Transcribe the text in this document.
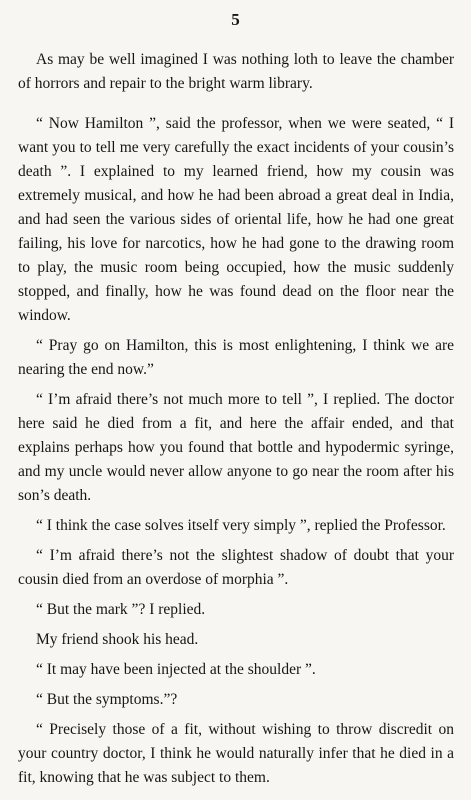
5

As may be well imagined I was nothing loth to leave the chamber of horrors and repair to the bright warm library.

“ Now Hamilton ”, said the professor, when we were seated, “ I want you to tell me very carefully the exact incidents of your cousin’s death ”. I explained to my learned friend, how my cousin was extremely musical, and how he had been abroad a great deal in India, and had seen the various sides of oriental life, how he had one great failing, his love for narcotics, how he had gone to the drawing room to play, the music room being occupied, how the music suddenly stopped, and finally, how he was found dead on the floor near the window.

“ Pray go on Hamilton, this is most enlightening, I think we are nearing the end now.”

“ I’m afraid there’s not much more to tell ”, I replied. The doctor here said he died from a fit, and here the affair ended, and that explains perhaps how you found that bottle and hypodermic syringe, and my uncle would never allow anyone to go near the room after his son’s death.

“ I think the case solves itself very simply ”, replied the Professor.

“ I’m afraid there’s not the slightest shadow of doubt that your cousin died from an overdose of morphia ”.

“ But the mark ”? I replied.

My friend shook his head.

“ It may have been injected at the shoulder ”.

“ But the symptoms.”?

“ Precisely those of a fit, without wishing to throw discredit on your country doctor, I think he would naturally infer that he died in a fit, knowing that he was subject to them.
